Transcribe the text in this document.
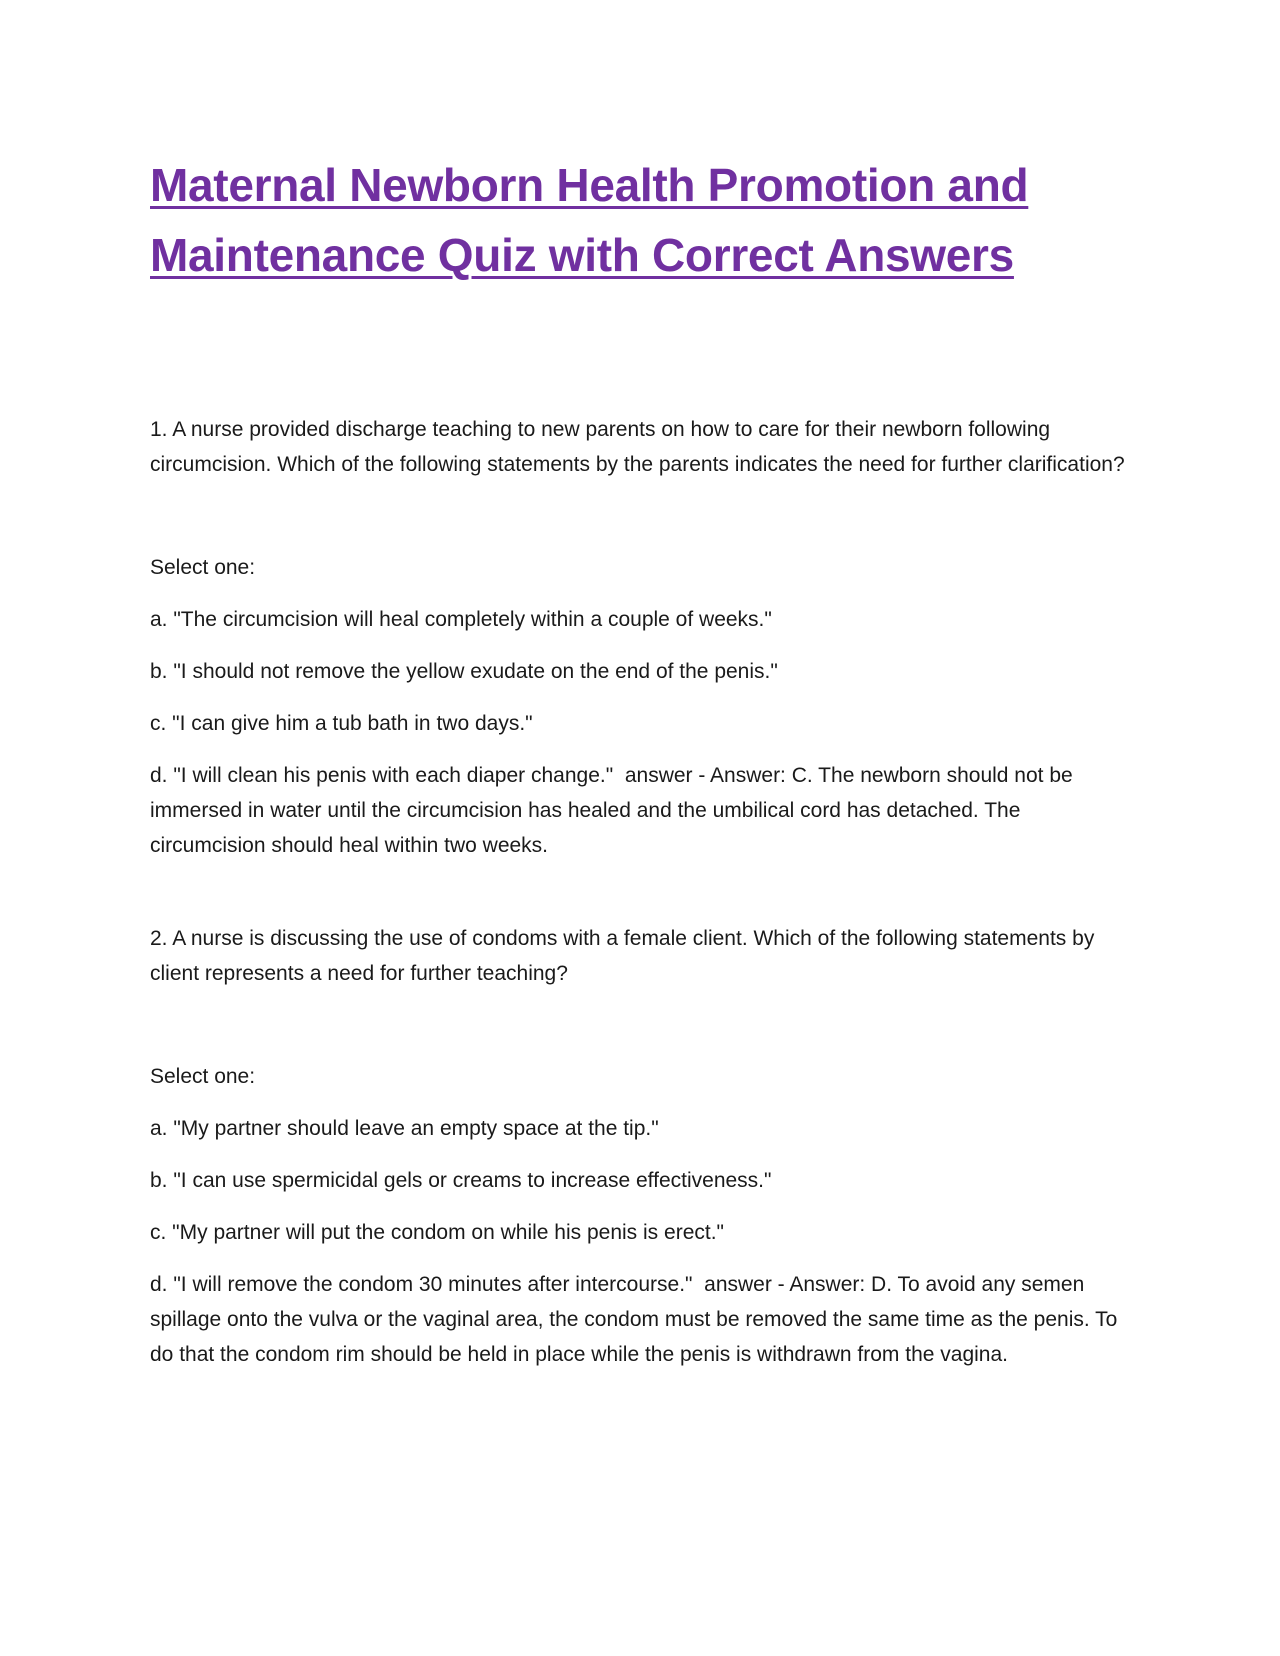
Maternal Newborn Health Promotion and
Maintenance Quiz with Correct Answers

1. A nurse provided discharge teaching to new parents on how to care for their newborn following circumcision. Which of the following statements by the parents indicates the need for further clarification?

Select one:

a. "The circumcision will heal completely within a couple of weeks."

b. "I should not remove the yellow exudate on the end of the penis."

c. "I can give him a tub bath in two days."

d. "I will clean his penis with each diaper change."  answer - Answer: C. The newborn should not be immersed in water until the circumcision has healed and the umbilical cord has detached. The circumcision should heal within two weeks.

2. A nurse is discussing the use of condoms with a female client. Which of the following statements by client represents a need for further teaching?

Select one:

a. "My partner should leave an empty space at the tip."

b. "I can use spermicidal gels or creams to increase effectiveness."

c. "My partner will put the condom on while his penis is erect."

d. "I will remove the condom 30 minutes after intercourse."  answer - Answer: D. To avoid any semen spillage onto the vulva or the vaginal area, the condom must be removed the same time as the penis. To do that the condom rim should be held in place while the penis is withdrawn from the vagina.
